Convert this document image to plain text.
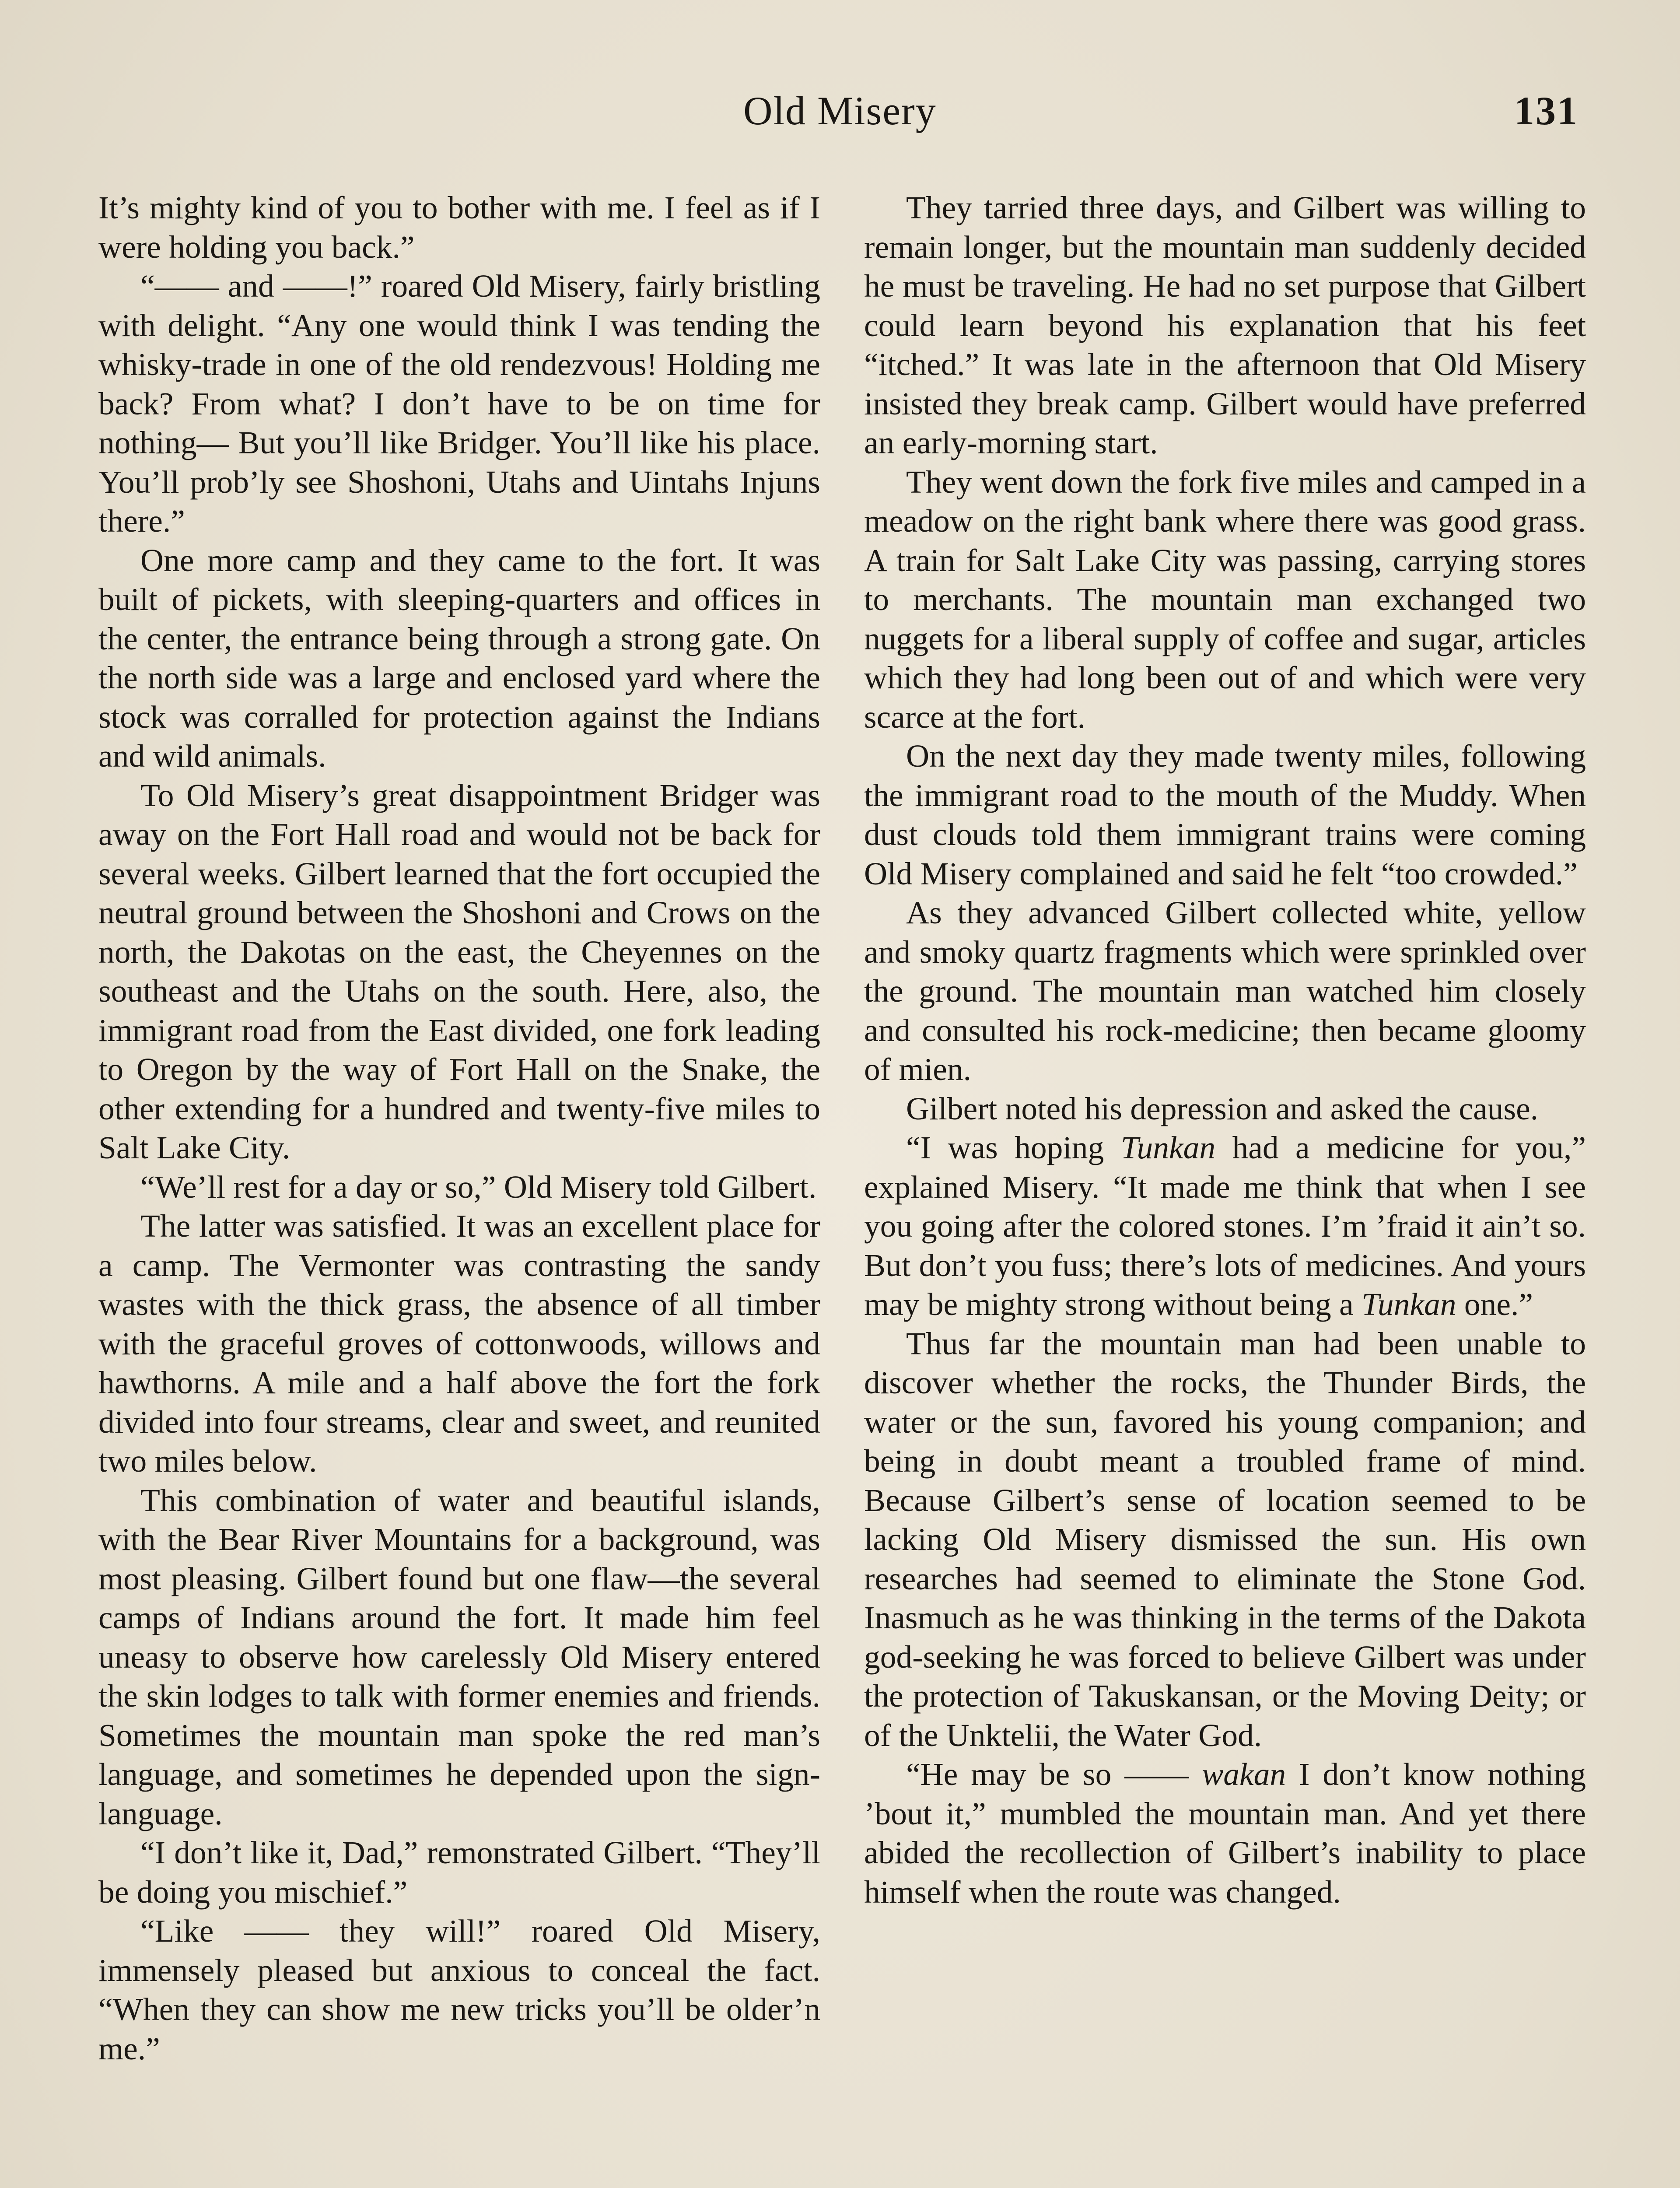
Old Misery	131

It’s mighty kind of you to bother with me. I feel as if I were holding you back.”

“—— and ——!” roared Old Misery, fairly bristling with delight. “Any one would think I was tending the whisky-trade in one of the old rendezvous! Holding me back? From what? I don’t have to be on time for nothing— But you’ll like Bridger. You’ll like his place. You’ll prob’ly see Shoshoni, Utahs and Uintahs Injuns there.”

One more camp and they came to the fort. It was built of pickets, with sleeping-quarters and offices in the center, the entrance being through a strong gate. On the north side was a large and enclosed yard where the stock was corralled for protection against the Indians and wild animals.

To Old Misery’s great disappointment Bridger was away on the Fort Hall road and would not be back for several weeks. Gilbert learned that the fort occupied the neutral ground between the Shoshoni and Crows on the north, the Dakotas on the east, the Cheyennes on the southeast and the Utahs on the south. Here, also, the immigrant road from the East divided, one fork leading to Oregon by the way of Fort Hall on the Snake, the other extending for a hundred and twenty-five miles to Salt Lake City.

“We’ll rest for a day or so,” Old Misery told Gilbert.

The latter was satisfied. It was an excellent place for a camp. The Vermonter was contrasting the sandy wastes with the thick grass, the absence of all timber with the graceful groves of cottonwoods, willows and hawthorns. A mile and a half above the fort the fork divided into four streams, clear and sweet, and reunited two miles below.

This combination of water and beautiful islands, with the Bear River Mountains for a background, was most pleasing. Gilbert found but one flaw—the several camps of Indians around the fort. It made him feel uneasy to observe how carelessly Old Misery entered the skin lodges to talk with former enemies and friends. Sometimes the mountain man spoke the red man’s language, and sometimes he depended upon the sign-language.

“I don’t like it, Dad,” remonstrated Gilbert. “They’ll be doing you mischief.”

“Like —— they will!” roared Old Misery, immensely pleased but anxious to conceal the fact. “When they can show me new tricks you’ll be older’n me.”

They tarried three days, and Gilbert was willing to remain longer, but the mountain man suddenly decided he must be traveling. He had no set purpose that Gilbert could learn beyond his explanation that his feet “itched.” It was late in the afternoon that Old Misery insisted they break camp. Gilbert would have preferred an early-morning start.

They went down the fork five miles and camped in a meadow on the right bank where there was good grass. A train for Salt Lake City was passing, carrying stores to merchants. The mountain man exchanged two nuggets for a liberal supply of coffee and sugar, articles which they had long been out of and which were very scarce at the fort.

On the next day they made twenty miles, following the immigrant road to the mouth of the Muddy. When dust clouds told them immigrant trains were coming Old Misery complained and said he felt “too crowded.”

As they advanced Gilbert collected white, yellow and smoky quartz fragments which were sprinkled over the ground. The mountain man watched him closely and consulted his rock-medicine; then became gloomy of mien.

Gilbert noted his depression and asked the cause.

“I was hoping Tunkan had a medicine for you,” explained Misery. “It made me think that when I see you going after the colored stones. I’m ’fraid it ain’t so. But don’t you fuss; there’s lots of medicines. And yours may be mighty strong without being a Tunkan one.”

Thus far the mountain man had been unable to discover whether the rocks, the Thunder Birds, the water or the sun, favored his young companion; and being in doubt meant a troubled frame of mind. Because Gilbert’s sense of location seemed to be lacking Old Misery dismissed the sun. His own researches had seemed to eliminate the Stone God. Inasmuch as he was thinking in the terms of the Dakota god-seeking he was forced to believe Gilbert was under the protection of Takuskansan, or the Moving Deity; or of the Unktelii, the Water God.

“He may be so —— wakan I don’t know nothing ’bout it,” mumbled the mountain man. And yet there abided the recollection of Gilbert’s inability to place himself when the route was changed.
